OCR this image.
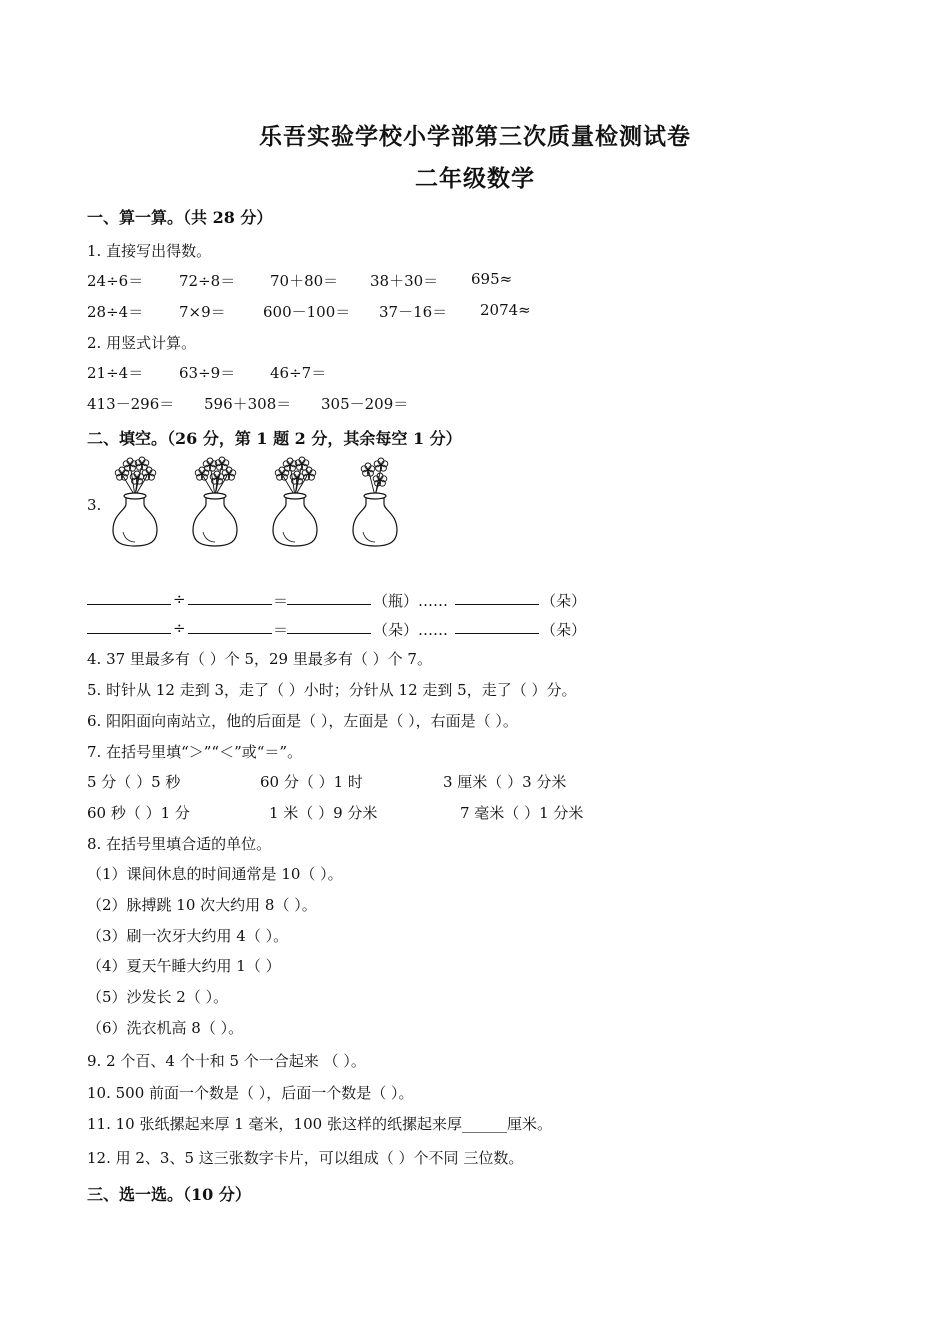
乐吾实验学校小学部第三次质量检测试卷
二年级数学
一、算一算。（共 28 分）
1. 直接写出得数。
24÷6＝ 72÷8＝ 70＋80＝ 38＋30＝ 695≈
28÷4＝ 7×9＝ 600－100＝ 37－16＝ 2074≈
2. 用竖式计算。
21÷4＝ 63÷9＝ 46÷7＝
413－296＝ 596＋308＝ 305－209＝
二、填空。（26 分，第 1 题 2 分，其余每空 1 分）
3.
÷	＝	（瓶）……	（朵）
÷	＝	（朵）……	（朵）
4. 37 里最多有（ ）个 5，29 里最多有（ ）个 7。
5. 时针从 12 走到 3，走了（ ）小时；分针从 12 走到 5，走了（ ）分。
6. 阳阳面向南站立，他的后面是（ ），左面是（ ），右面是（ ）。
7. 在括号里填“＞”“＜”或“＝”。
5 分（ ）5 秒	60 分（ ）1 时	3 厘米（ ）3 分米
60 秒（ ）1 分	1 米（ ）9 分米	7 毫米（ ）1 分米
8. 在括号里填合适的单位。
（1）课间休息的时间通常是 10（ ）。
（2）脉搏跳 10 次大约用 8（ ）。
（3）刷一次牙大约用 4（ ）。
（4）夏天午睡大约用 1（ ）
（5）沙发长 2（ ）。
（6）洗衣机高 8（ ）。
9. 2 个百、4 个十和 5 个一合起来 （ ）。
10. 500 前面一个数是（ ），后面一个数是（ ）。
11. 10 张纸摞起来厚 1 毫米，100 张这样的纸摞起来厚______厘米。
12. 用 2、3、5 这三张数字卡片，可以组成（ ）个不同 三位数。
三、选一选。（10 分）
